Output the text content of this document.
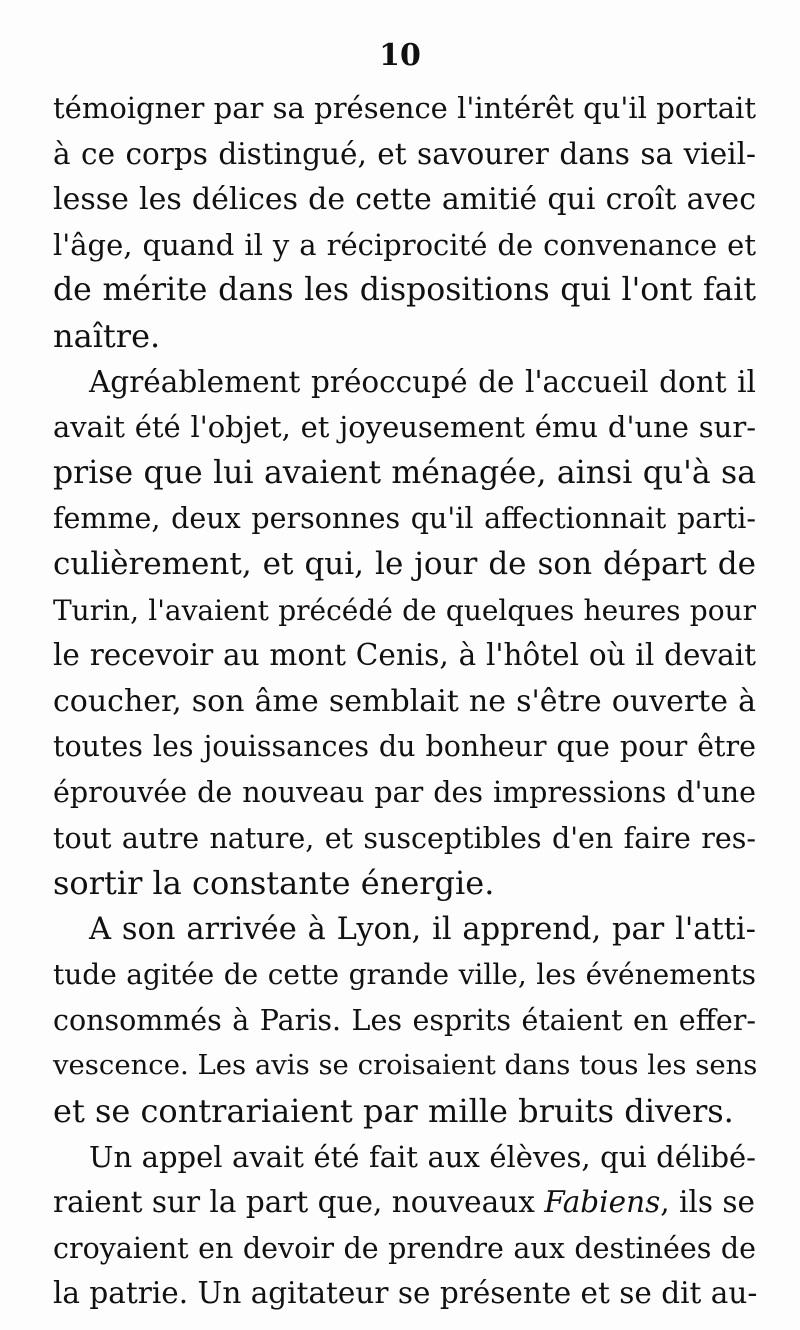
10
témoigner par sa présence l'intérêt qu'il portait
à ce corps distingué, et savourer dans sa vieil-
lesse les délices de cette amitié qui croît avec
l'âge, quand il y a réciprocité de convenance et
de mérite dans les dispositions qui l'ont fait
naître.
Agréablement préoccupé de l'accueil dont il
avait été l'objet, et joyeusement ému d'une sur-
prise que lui avaient ménagée, ainsi qu'à sa
femme, deux personnes qu'il affectionnait parti-
culièrement, et qui, le jour de son départ de
Turin, l'avaient précédé de quelques heures pour
le recevoir au mont Cenis, à l'hôtel où il devait
coucher, son âme semblait ne s'être ouverte à
toutes les jouissances du bonheur que pour être
éprouvée de nouveau par des impressions d'une
tout autre nature, et susceptibles d'en faire res-
sortir la constante énergie.
A son arrivée à Lyon, il apprend, par l'atti-
tude agitée de cette grande ville, les événements
consommés à Paris. Les esprits étaient en effer-
vescence. Les avis se croisaient dans tous les sens
et se contrariaient par mille bruits divers.
Un appel avait été fait aux élèves, qui délibé-
raient sur la part que, nouveaux Fabiens, ils se
croyaient en devoir de prendre aux destinées de
la patrie. Un agitateur se présente et se dit au-
